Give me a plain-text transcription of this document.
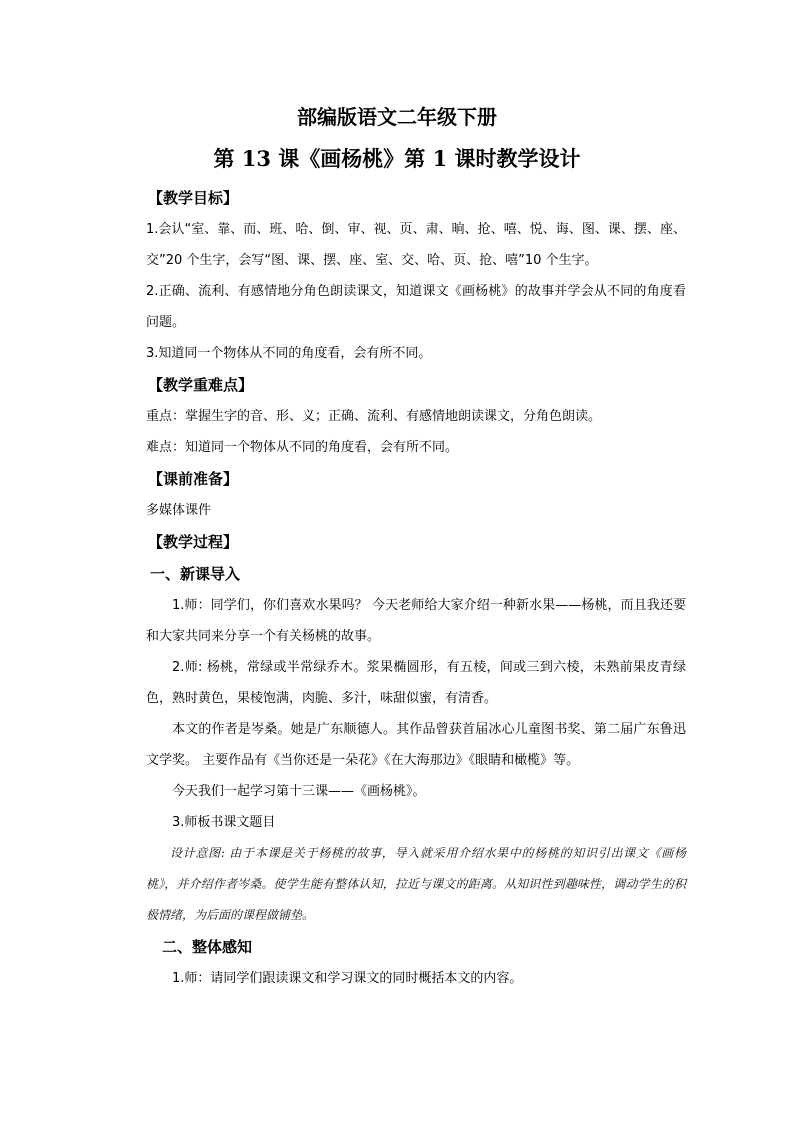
部编版语文二年级下册
第 13 课《画杨桃》第 1 课时教学设计
【教学目标】

1.会认“室、靠、而、班、哈、倒、审、视、页、肃、晌、抢、嘻、悦、诲、图、课、摆、座、交”20 个生字，会写“图、课、摆、座、室、交、哈、页、抢、嘻”10 个生字。

2.正确、流利、有感情地分角色朗读课文，知道课文《画杨桃》的故事并学会从不同的角度看问题。

3.知道同一个物体从不同的角度看，会有所不同。

【教学重难点】

重点：掌握生字的音、形、义；正确、流利、有感情地朗读课文，分角色朗读。

难点：知道同一个物体从不同的角度看，会有所不同。

【课前准备】

多媒体课件

【教学过程】
一、新课导入

1.师：同学们，你们喜欢水果吗？ 今天老师给大家介绍一种新水果——杨桃，而且我还要和大家共同来分享一个有关杨桃的故事。

2.师: 杨桃，常绿或半常绿乔木。浆果椭圆形，有五棱，间或三到六棱，未熟前果皮青绿色，熟时黄色，果棱饱满，肉脆、多汁，味甜似蜜，有清香。

本文的作者是岑桑。她是广东顺德人。其作品曾获首届冰心儿童图书奖、第二届广东鲁迅文学奖。 主要作品有《当你还是一朵花》《在大海那边》《眼睛和橄榄》等。

今天我们一起学习第十三课——《画杨桃》。

3.师板书课文题目

设计意图: 由于本课是关于杨桃的故事，导入就采用介绍水果中的杨桃的知识引出课文《画杨桃》，并介绍作者岑桑。使学生能有整体认知，拉近与课文的距离。从知识性到趣味性，调动学生的积极情绪，为后面的课程做铺垫。

二、整体感知

1.师：请同学们跟读课文和学习课文的同时概括本文的内容。
